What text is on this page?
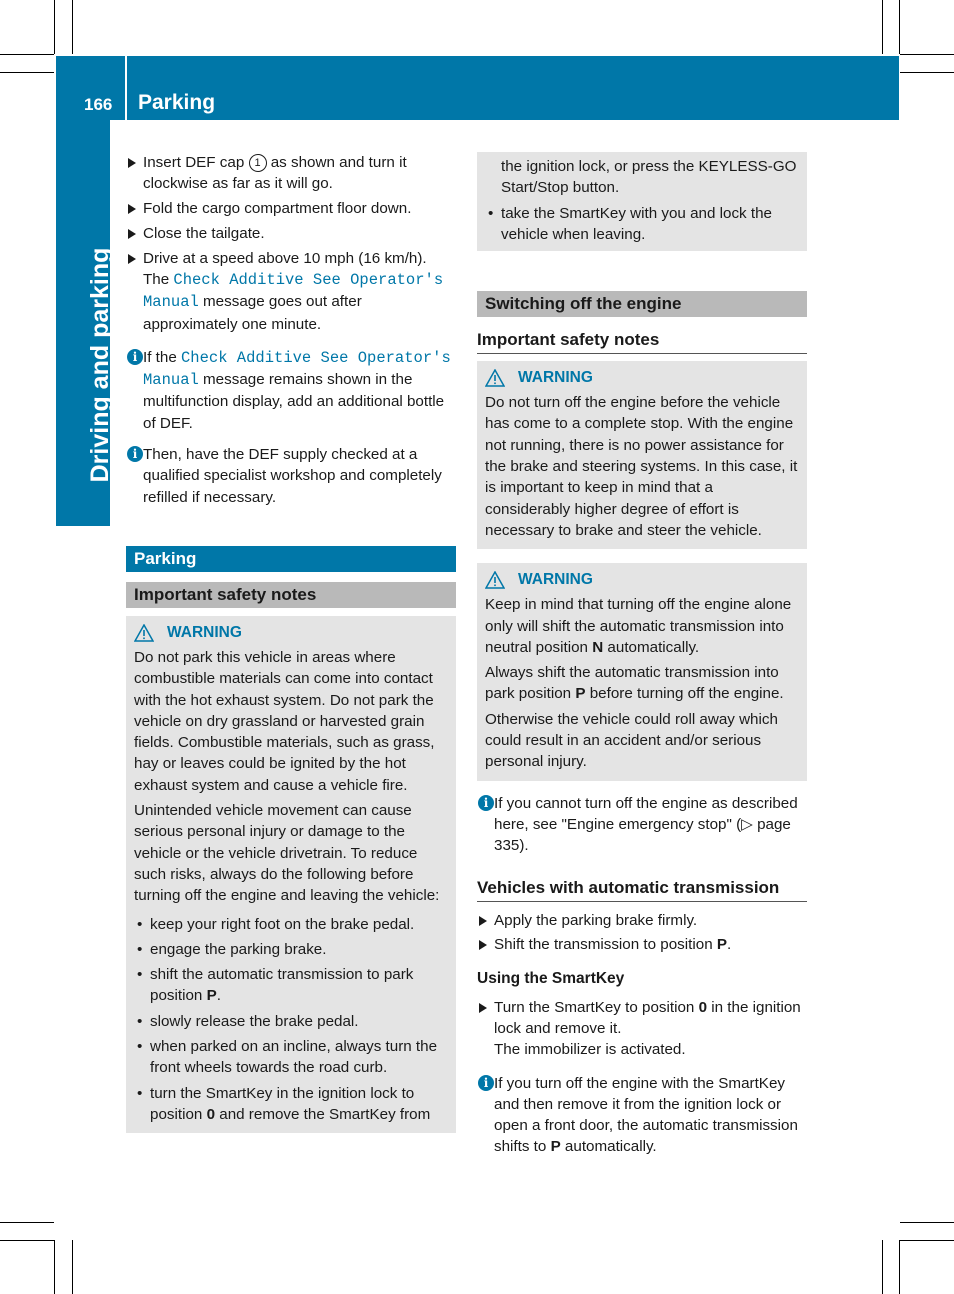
166 Parking
Driving and parking

Insert DEF cap 1 as shown and turn it clockwise as far as it will go.

Fold the cargo compartment floor down.

Close the tailgate.

Drive at a speed above 10 mph (16 km/h). The Check Additive See Operator's Manual message goes out after approximately one minute.

i If the Check Additive See Operator's Manual message remains shown in the multifunction display, add an additional bottle of DEF.

i Then, have the DEF supply checked at a qualified specialist workshop and completely refilled if necessary.

Parking
Important safety notes
WARNING

Do not park this vehicle in areas where combustible materials can come into contact with the hot exhaust system. Do not park the vehicle on dry grassland or harvested grain fields. Combustible materials, such as grass, hay or leaves could be ignited by the hot exhaust system and cause a vehicle fire.

Unintended vehicle movement can cause serious personal injury or damage to the vehicle or the vehicle drivetrain. To reduce such risks, always do the following before turning off the engine and leaving the vehicle:

• keep your right foot on the brake pedal.

• engage the parking brake.

• shift the automatic transmission to park position P.

• slowly release the brake pedal.

• when parked on an incline, always turn the front wheels towards the road curb.

• turn the SmartKey in the ignition lock to position 0 and remove the SmartKey from

the ignition lock, or press the KEYLESS-GO Start/Stop button.

• take the SmartKey with you and lock the vehicle when leaving.

Switching off the engine
Important safety notes
WARNING

Do not turn off the engine before the vehicle has come to a complete stop. With the engine not running, there is no power assistance for the brake and steering systems. In this case, it is important to keep in mind that a considerably higher degree of effort is necessary to brake and steer the vehicle.

WARNING

Keep in mind that turning off the engine alone only will shift the automatic transmission into neutral position N automatically.

Always shift the automatic transmission into park position P before turning off the engine.

Otherwise the vehicle could roll away which could result in an accident and/or serious personal injury.

i If you cannot turn off the engine as described here, see "Engine emergency stop" (▷ page 335).

Vehicles with automatic transmission

Apply the parking brake firmly.

Shift the transmission to position P.

Using the SmartKey

Turn the SmartKey to position 0 in the ignition lock and remove it.
The immobilizer is activated.

i If you turn off the engine with the SmartKey and then remove it from the ignition lock or open a front door, the automatic transmission shifts to P automatically.
